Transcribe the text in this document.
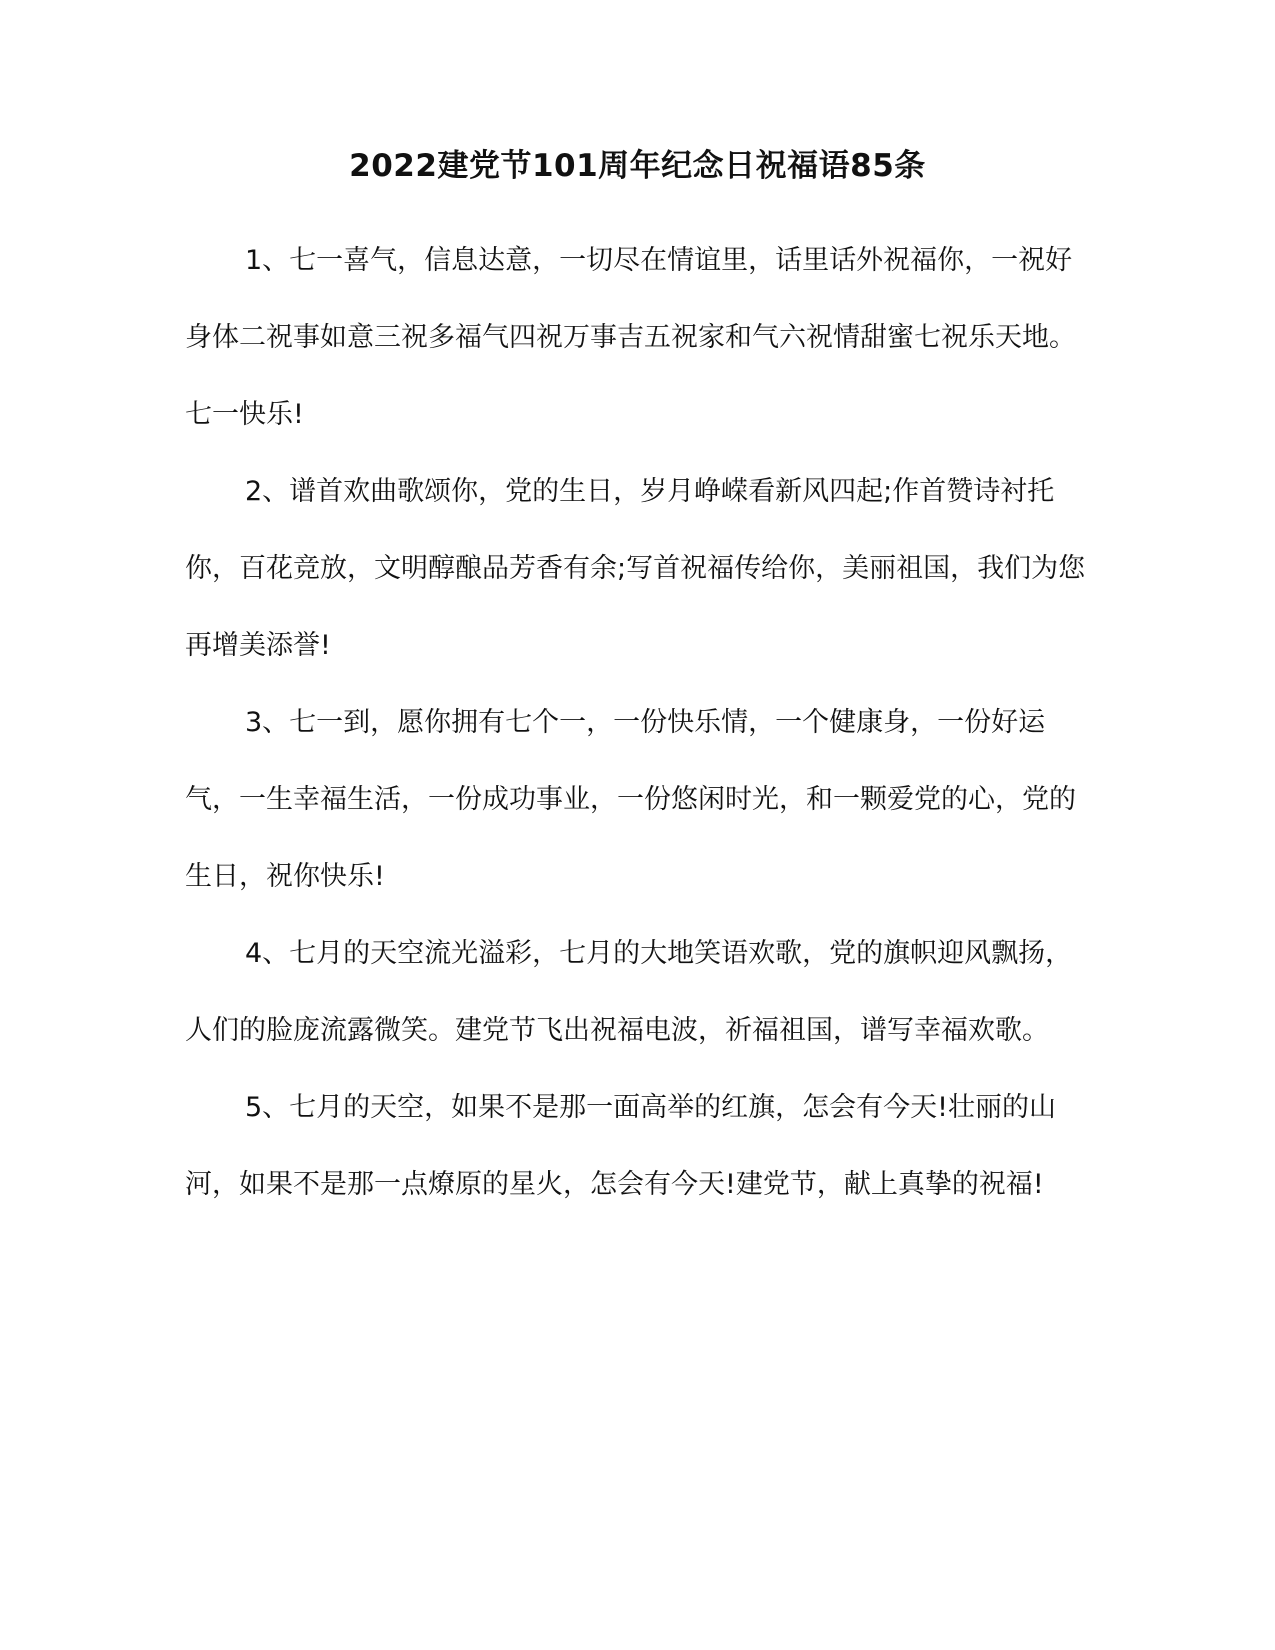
2022建党节101周年纪念日祝福语85条

1、七一喜气，信息达意，一切尽在情谊里，话里话外祝福你，一祝好身体二祝事如意三祝多福气四祝万事吉五祝家和气六祝情甜蜜七祝乐天地。七一快乐!

2、谱首欢曲歌颂你，党的生日，岁月峥嵘看新风四起;作首赞诗衬托你，百花竞放，文明醇酿品芳香有余;写首祝福传给你，美丽祖国，我们为您再增美添誉!

3、七一到，愿你拥有七个一，一份快乐情，一个健康身，一份好运气，一生幸福生活，一份成功事业，一份悠闲时光，和一颗爱党的心，党的生日，祝你快乐!

4、七月的天空流光溢彩，七月的大地笑语欢歌，党的旗帜迎风飘扬，人们的脸庞流露微笑。建党节飞出祝福电波，祈福祖国，谱写幸福欢歌。

5、七月的天空，如果不是那一面高举的红旗，怎会有今天!壮丽的山河，如果不是那一点燎原的星火，怎会有今天!建党节，献上真挚的祝福!
